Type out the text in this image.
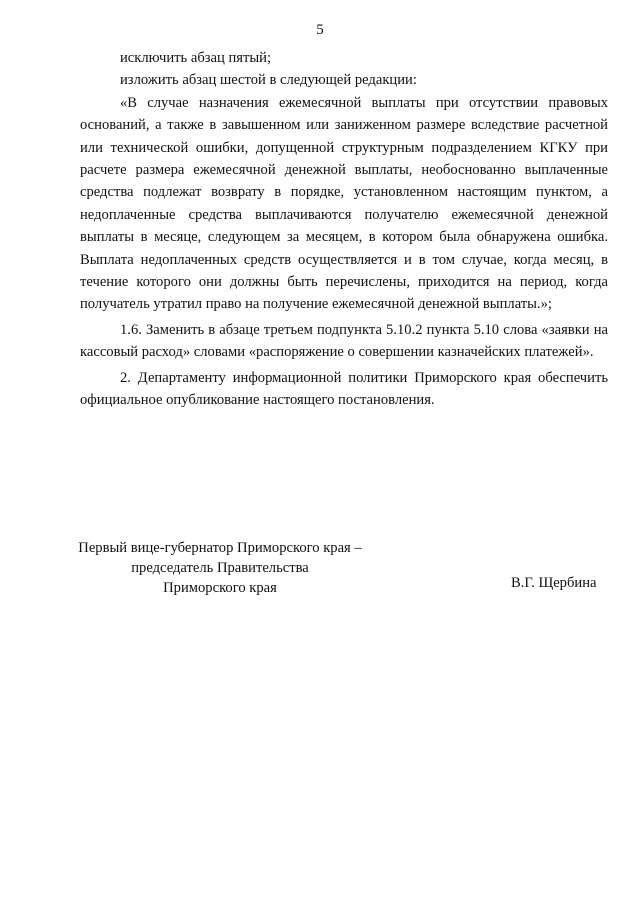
5

исключить абзац пятый;

изложить абзац шестой в следующей редакции:

«В случае назначения ежемесячной выплаты при отсутствии правовых оснований, а также в завышенном или заниженном размере вследствие расчетной или технической ошибки, допущенной структурным подразделением КГКУ при расчете размера ежемесячной денежной выплаты, необоснованно выплаченные средства подлежат возврату в порядке, установленном настоящим пунктом, а недоплаченные средства выплачиваются получателю ежемесячной денежной выплаты в месяце, следующем за месяцем, в котором была обнаружена ошибка. Выплата недоплаченных средств осуществляется и в том случае, когда месяц, в течение которого они должны быть перечислены, приходится на период, когда получатель утратил право на получение ежемесячной денежной выплаты.»;

1.6. Заменить в абзаце третьем подпункта 5.10.2 пункта 5.10 слова «заявки на кассовый расход» словами «распоряжение о совершении казначейских платежей».

2. Департаменту информационной политики Приморского края обеспечить официальное опубликование настоящего постановления.

Первый вице-губернатор Приморского края –
председатель Правительства
Приморского края	В.Г. Щербина
